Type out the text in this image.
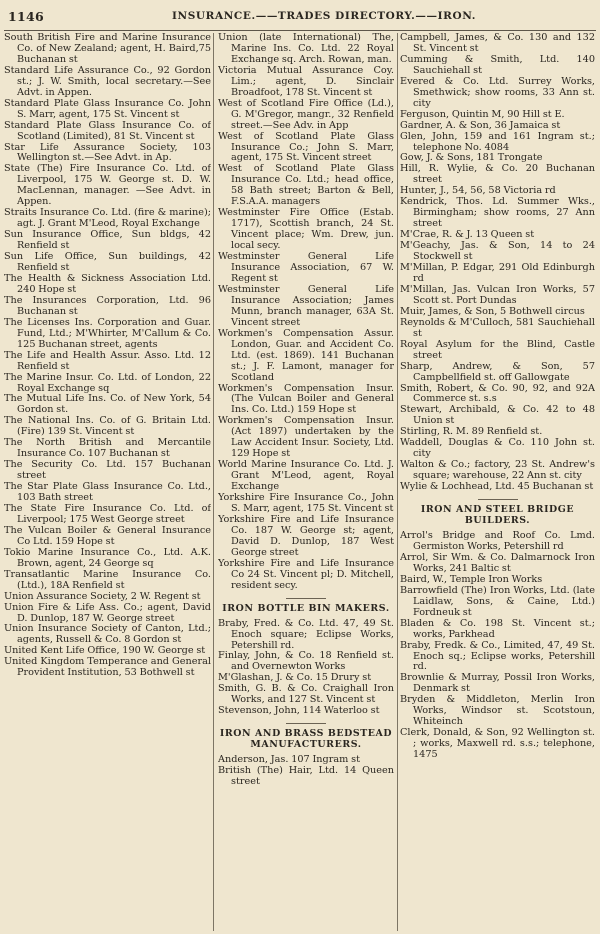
1146	INSURANCE.——TRADES DIRECTORY.——IRON.
South British Fire and Marine Insurance Co. of New Zealand; agent, H. Baird,75 Buchanan st
Standard Life Assurance Co., 92 Gordon st.; J. W. Smith, local secretary.—See Advt. in Appen.
Standard Plate Glass Insurance Co. John S. Marr, agent, 175 St. Vincent st
Standard Plate Glass Insurance Co. of Scotland (Limited), 81 St. Vincent st
Star Life Assurance Society, 103 Wellington st.—See Advt. in Ap.
State (The) Fire Insurance Co. Ltd. of Liverpool, 175 W. George st. D. W. MacLennan, manager. —See Advt. in Appen.
Straits Insurance Co. Ltd. (fire & marine); agt. J. Grant M'Leod, Royal Exchange
Sun Insurance Office, Sun bldgs, 42 Renfield st
Sun Life Office, Sun buildings, 42 Renfield st
The Health & Sickness Association Ltd. 240 Hope st
The Insurances Corporation, Ltd. 96 Buchanan st
The Licenses Ins. Corporation and Guar. Fund, Ltd.; M'Whirter, M'Callum & Co. 125 Buchanan street, agents
The Life and Health Assur. Asso. Ltd. 12 Renfield st
The Marine Insur. Co. Ltd. of London, 22 Royal Exchange sq
The Mutual Life Ins. Co. of New York, 54 Gordon st.
The National Ins. Co. of G. Britain Ltd. (Fire) 139 St. Vincent st
The North British and Mercantile Insurance Co. 107 Buchanan st
The Security Co. Ltd. 157 Buchanan street
The Star Plate Glass Insurance Co. Ltd., 103 Bath street
The State Fire Insurance Co. Ltd. of Liverpool; 175 West George street
The Vulcan Boiler & General Insurance Co Ltd. 159 Hope st
Tokio Marine Insurance Co., Ltd. A.K. Brown, agent, 24 George sq
Transatlantic Marine Insurance Co. (Ltd.), 18A Renfield st
Union Assurance Society, 2 W. Regent st
Union Fire & Life Ass. Co.; agent, David D. Dunlop, 187 W. George street
Union Insurance Society of Canton, Ltd.; agents, Russell & Co. 8 Gordon st
United Kent Life Office, 190 W. George st
United Kingdom Temperance and General Provident Institution, 53 Bothwell st
Union (late International) The, Marine Ins. Co. Ltd. 22 Royal Exchange sq. Arch. Rowan, man.
Victoria Mutual Assurance Coy. Lim.; agent, D. Sinclair Broadfoot, 178 St. Vincent st
West of Scotland Fire Office (Ld.), G. M'Gregor, mangr., 32 Renfield street.—See Adv. in App
West of Scotland Plate Glass Insurance Co.; John S. Marr, agent, 175 St. Vincent street
West of Scotland Plate Glass Insurance Co. Ltd.; head office, 58 Bath street; Barton & Bell, F.S.A.A. managers
Westminster Fire Office (Estab. 1717), Scottish branch, 24 St. Vincent place; Wm. Drew, jun. local secy.
Westminster General Life Insurance Association, 67 W. Regent st
Westminster General Life Insurance Association; James Munn, branch manager, 63A St. Vincent street
Workmen's Compensation Assur. London, Guar. and Accident Co. Ltd. (est. 1869). 141 Buchanan st.; J. F. Lamont, manager for Scotland
Workmen's Compensation Insur. (The Vulcan Boiler and General Ins. Co. Ltd.) 159 Hope st
Workmen's Compensation Insur. (Act 1897) undertaken by the Law Accident Insur. Society, Ltd. 129 Hope st
World Marine Insurance Co. Ltd. J. Grant M'Leod, agent, Royal Exchange
Yorkshire Fire Insurance Co., John S. Marr, agent, 175 St. Vincent st
Yorkshire Fire and Life Insurance Co. 187 W. George st; agent, David D. Dunlop, 187 West George street
Yorkshire Fire and Life Insurance Co 24 St. Vincent pl; D. Mitchell, resident secy.
IRON BOTTLE BIN MAKERS.
Braby, Fred. & Co. Ltd. 47, 49 St. Enoch square; Eclipse Works, Petershill rd.
Finlay, John, & Co. 18 Renfield st. and Overnewton Works
M'Glashan, J. & Co. 15 Drury st
Smith, G. B. & Co. Craighall Iron Works, and 127 St. Vincent st
Stevenson, John, 114 Waterloo st
IRON AND BRASS BEDSTEAD MANUFACTURERS.
Anderson, Jas. 107 Ingram st
British (The) Hair, Ltd. 14 Queen street
Campbell, James, & Co. 130 and 132 St. Vincent st
Cumming & Smith, Ltd. 140 Sauchiehall st
Evered & Co. Ltd. Surrey Works, Smethwick; show rooms, 33 Ann st. city
Ferguson, Quintin M, 90 Hill st E.
Gardner, A. & Son, 36 Jamaica st
Glen, John, 159 and 161 Ingram st.; telephone No. 4084
Gow, J. & Sons, 181 Trongate
Hill, R. Wylie, & Co. 20 Buchanan street
Hunter, J., 54, 56, 58 Victoria rd
Kendrick, Thos. Ld. Summer Wks., Birmingham; show rooms, 27 Ann street
M'Crae, R. & J. 13 Queen st
M'Geachy, Jas. & Son, 14 to 24 Stockwell st
M'Millan, P. Edgar, 291 Old Edinburgh rd
M'Millan, Jas. Vulcan Iron Works, 57 Scott st. Port Dundas
Muir, James, & Son, 5 Bothwell circus
Reynolds & M'Culloch, 581 Sauchiehall st
Royal Asylum for the Blind, Castle street
Sharp, Andrew, & Son, 57 Campbellfield st. off Gallowgate
Smith, Robert, & Co. 90, 92, and 92A Commerce st. s.s
Stewart, Archibald, & Co. 42 to 48 Union st
Stirling, R. M. 89 Renfield st.
Waddell, Douglas & Co. 110 John st. city
Walton & Co.; factory, 23 St. Andrew's square; warehouse, 22 Ann st. city
Wylie & Lochhead, Ltd. 45 Buchanan st
IRON AND STEEL BRIDGE BUILDERS.
Arrol's Bridge and Roof Co. Lmd. Germiston Works, Petershill rd
Arrol, Sir Wm. & Co. Dalmarnock Iron Works, 241 Baltic st
Baird, W., Temple Iron Works
Barrowfield (The) Iron Works, Ltd. (late Laidlaw, Sons, & Caine, Ltd.) Fordneuk st
Bladen & Co. 198 St. Vincent st.; works, Parkhead
Braby, Fredk. & Co., Limited, 47, 49 St. Enoch sq.; Eclipse works, Petershill rd.
Brownlie & Murray, Possil Iron Works, Denmark st
Bryden & Middleton, Merlin Iron Works, Windsor st. Scotstoun, Whiteinch
Clerk, Donald, & Son, 92 Wellington st. ; works, Maxwell rd. s.s.; telephone, 1475
